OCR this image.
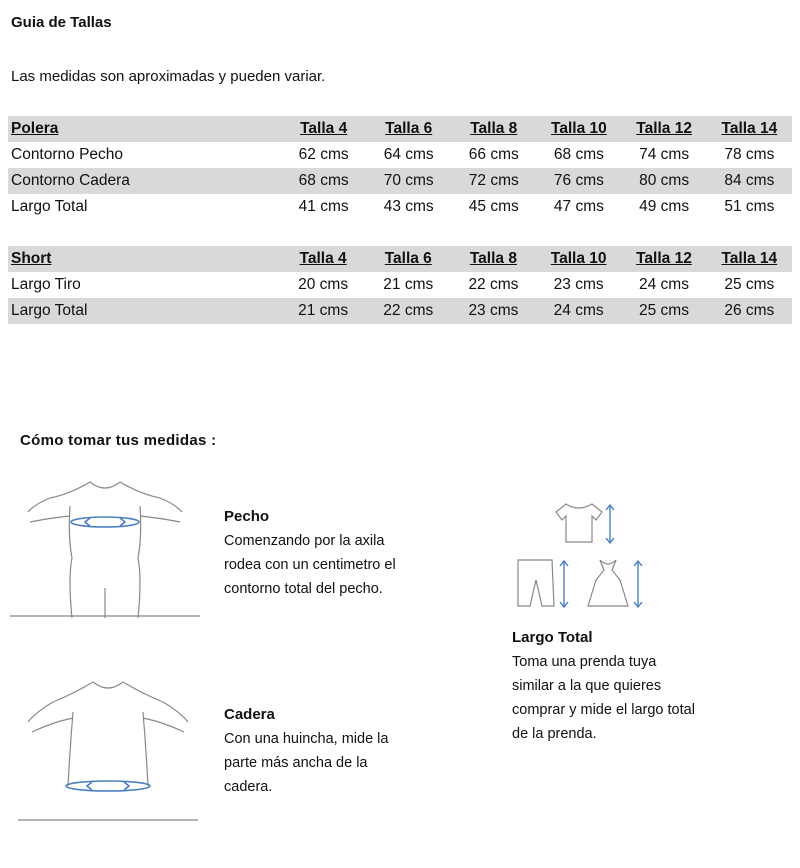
Guia de Tallas
Las medidas son aproximadas y pueden variar.
Polera	Talla 4	Talla 6	Talla 8	Talla 10	Talla 12	Talla 14
Contorno Pecho	62 cms	64 cms	66 cms	68 cms	74 cms	78 cms
Contorno Cadera	68 cms	70 cms	72 cms	76 cms	80 cms	84 cms
Largo Total	41 cms	43 cms	45 cms	47 cms	49 cms	51 cms
Short	Talla 4	Talla 6	Talla 8	Talla 10	Talla 12	Talla 14
Largo Tiro	20 cms	21 cms	22 cms	23 cms	24 cms	25 cms
Largo Total	21 cms	22 cms	23 cms	24 cms	25 cms	26 cms
Cómo tomar tus medidas :
Pecho
Comenzando por la axila
rodea con un centimetro el
contorno total del pecho.
Cadera
Con una huincha, mide la
parte más ancha de la
cadera.
Largo Total
Toma una prenda tuya
similar a la que quieres
comprar y mide el largo total
de la prenda.
